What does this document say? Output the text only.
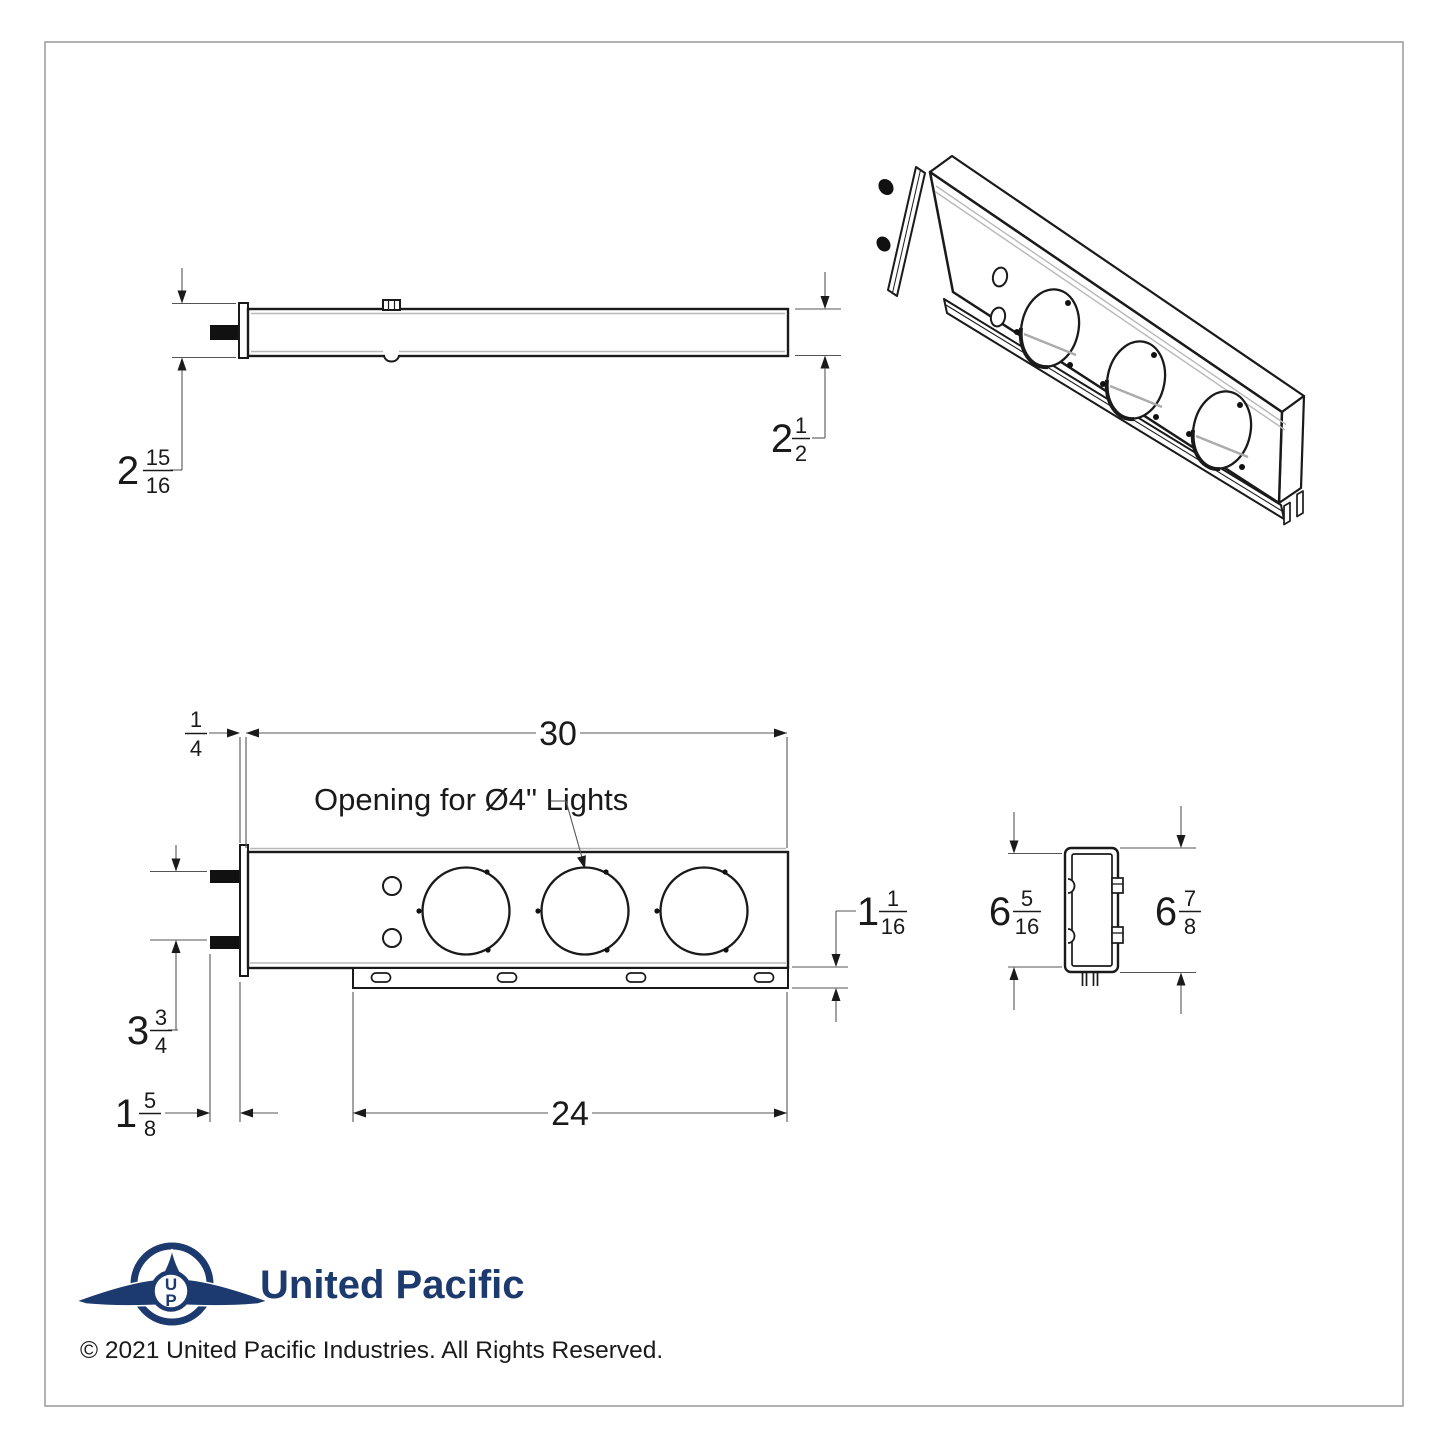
2 15
16
2 1
2
Opening for Ø4" Lights
1
4	30
3 3
4
1 5
8	24
1 1
16 6 5
16	6 7
8
U
P United Pacific
© 2021 United Pacific Industries. All Rights Reserved.
